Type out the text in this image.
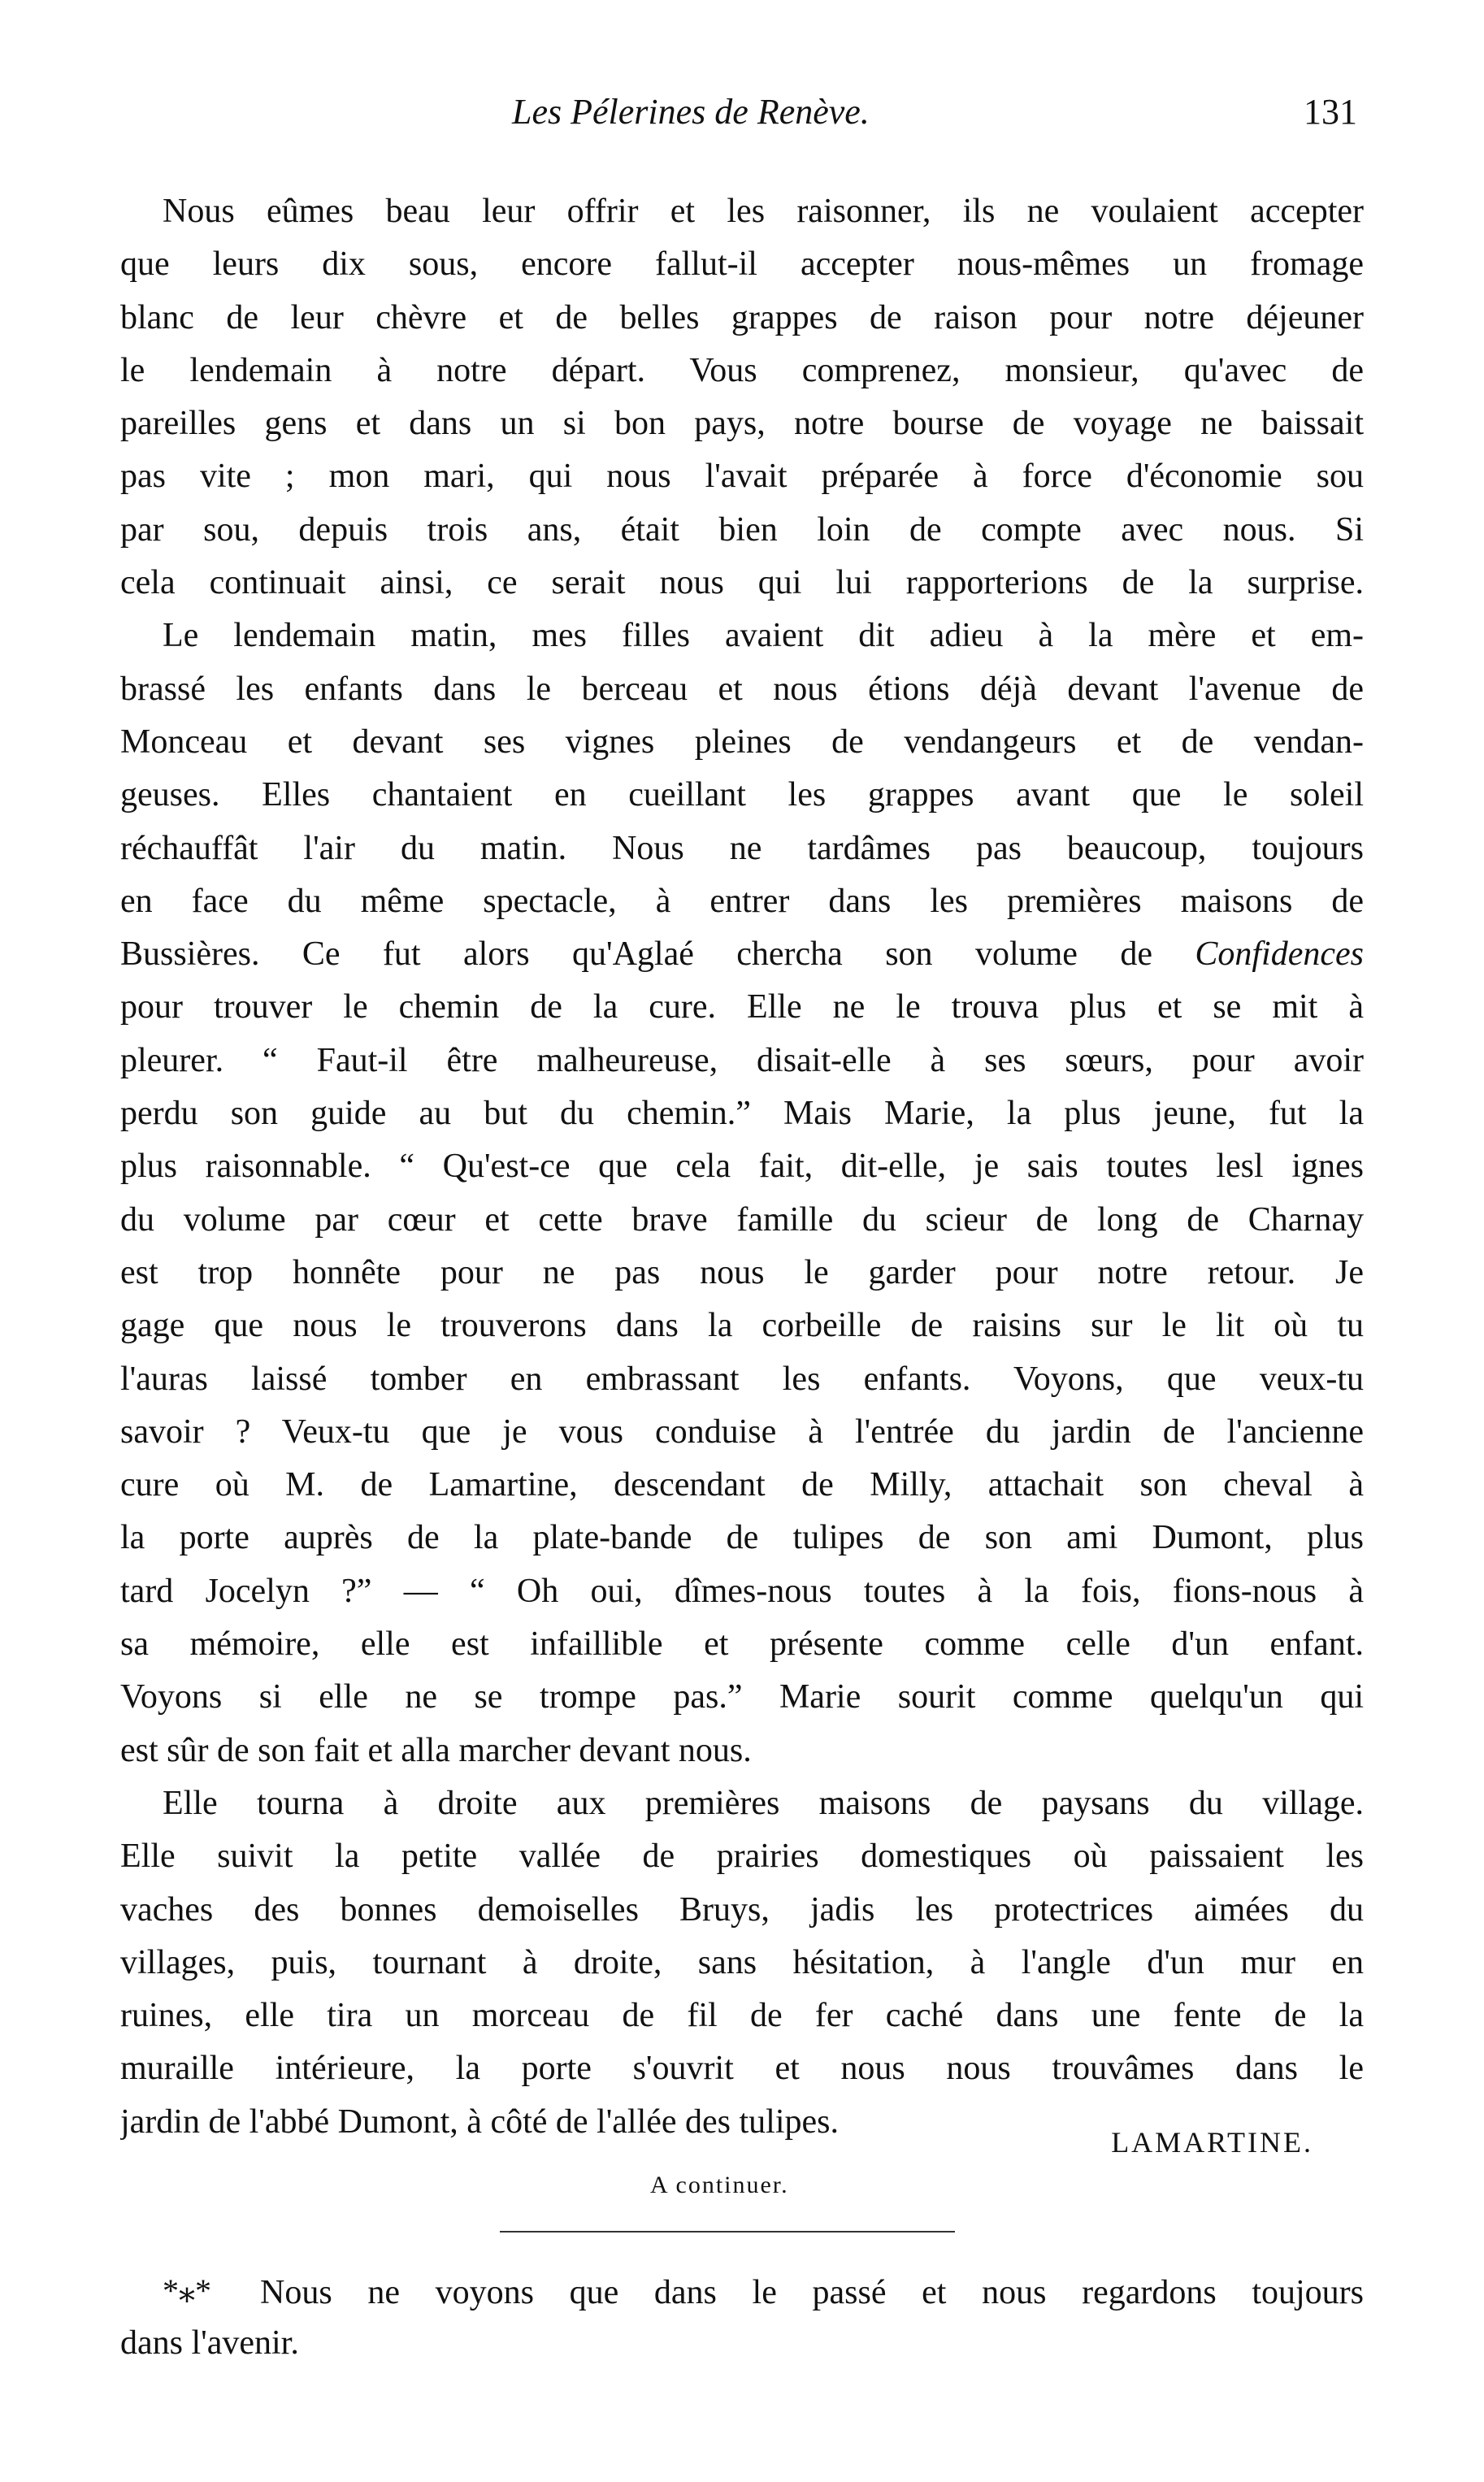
Les Pélerines de Renève.	131
Nous eûmes beau leur offrir et les raisonner, ils ne voulaient accepter
que leurs dix sous, encore fallut-il accepter nous-mêmes un fromage
blanc de leur chèvre et de belles grappes de raison pour notre déjeuner
le lendemain à notre départ. Vous comprenez, monsieur, qu'avec de
pareilles gens et dans un si bon pays, notre bourse de voyage ne baissait
pas vite ; mon mari, qui nous l'avait préparée à force d'économie sou
par sou, depuis trois ans, était bien loin de compte avec nous. Si
cela continuait ainsi, ce serait nous qui lui rapporterions de la surprise.
Le lendemain matin, mes filles avaient dit adieu à la mère et em-
brassé les enfants dans le berceau et nous étions déjà devant l'avenue de
Monceau et devant ses vignes pleines de vendangeurs et de vendan-
geuses. Elles chantaient en cueillant les grappes avant que le soleil
réchauffât l'air du matin. Nous ne tardâmes pas beaucoup, toujours
en face du même spectacle, à entrer dans les premières maisons de
Bussières. Ce fut alors qu'Aglaé chercha son volume de Confidences
pour trouver le chemin de la cure. Elle ne le trouva plus et se mit à
pleurer. “ Faut-il être malheureuse, disait-elle à ses sœurs, pour avoir
perdu son guide au but du chemin.” Mais Marie, la plus jeune, fut la
plus raisonnable. “ Qu'est-ce que cela fait, dit-elle, je sais toutes lesl ignes
du volume par cœur et cette brave famille du scieur de long de Charnay
est trop honnête pour ne pas nous le garder pour notre retour. Je
gage que nous le trouverons dans la corbeille de raisins sur le lit où tu
l'auras laissé tomber en embrassant les enfants. Voyons, que veux-tu
savoir ? Veux-tu que je vous conduise à l'entrée du jardin de l'ancienne
cure où M. de Lamartine, descendant de Milly, attachait son cheval à
la porte auprès de la plate-bande de tulipes de son ami Dumont, plus
tard Jocelyn ?” — “ Oh oui, dîmes-nous toutes à la fois, fions-nous à
sa mémoire, elle est infaillible et présente comme celle d'un enfant.
Voyons si elle ne se trompe pas.” Marie sourit comme quelqu'un qui
est sûr de son fait et alla marcher devant nous.
Elle tourna à droite aux premières maisons de paysans du village.
Elle suivit la petite vallée de prairies domestiques où paissaient les
vaches des bonnes demoiselles Bruys, jadis les protectrices aimées du
villages, puis, tournant à droite, sans hésitation, à l'angle d'un mur en
ruines, elle tira un morceau de fil de fer caché dans une fente de la
muraille intérieure, la porte s'ouvrit et nous nous trouvâmes dans le
jardin de l'abbé Dumont, à côté de l'allée des tulipes.
LAMARTINE.
A continuer.
*⁎* Nous ne voyons que dans le passé et nous regardons toujours
dans l'avenir.
